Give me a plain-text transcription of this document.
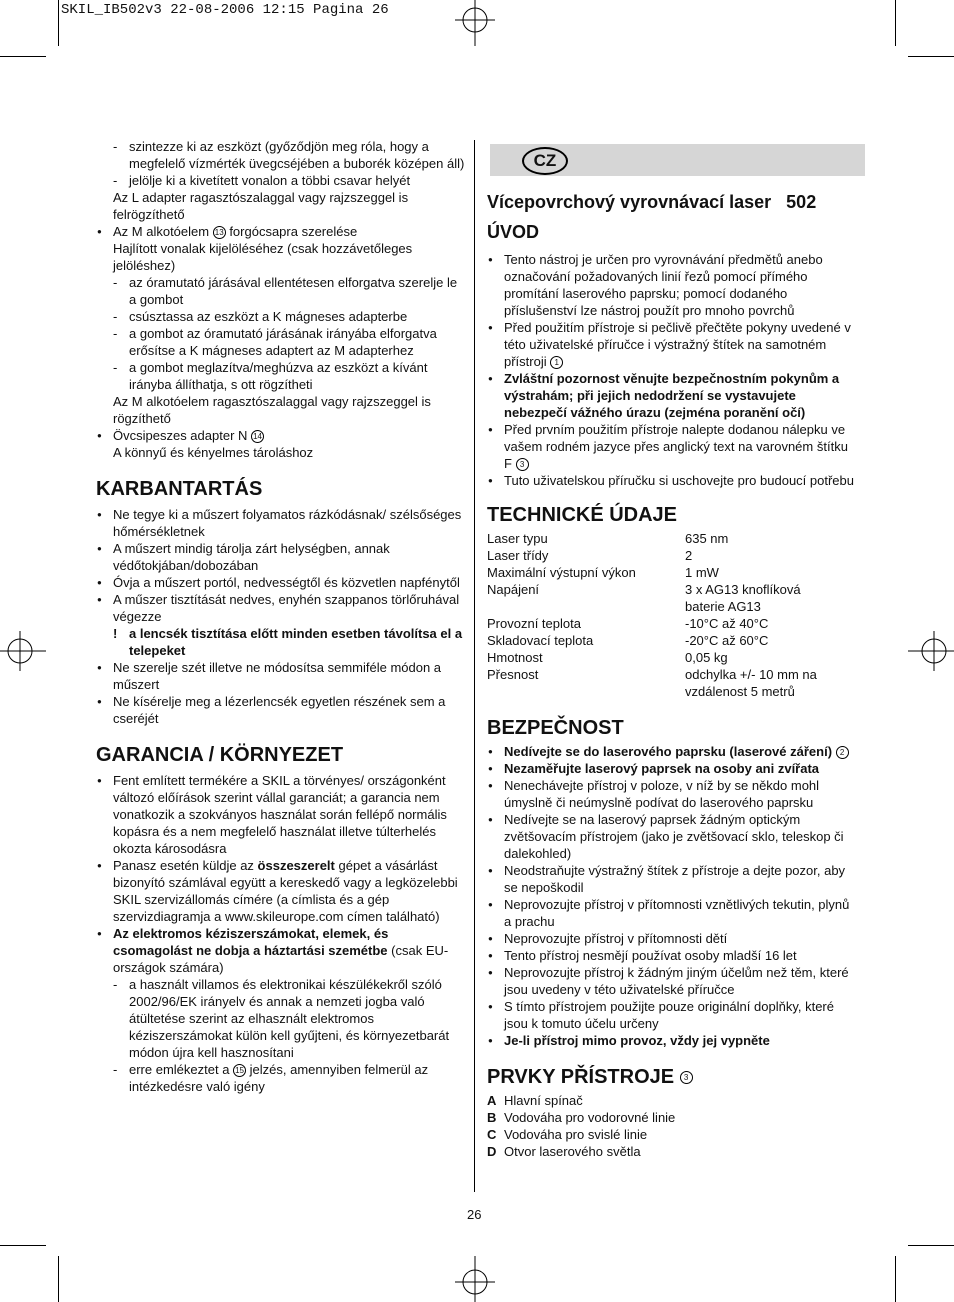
SKIL_IB502v3 22-08-2006 12:15 Pagina 26

- szintezze ki az eszközt (győződjön meg róla, hogy a megfelelő vízmérték üvegcséjében a buborék középen áll)

- jelölje ki a kivetített vonalon a többi csavar helyét

Az L adapter ragasztószalaggal vagy rajzszeggel is felrögzíthető

● Az M alkotóelem 13 forgócsapra szerelése

Hajlított vonalak kijelöléséhez (csak hozzávetőleges jelöléshez)

- az óramutató járásával ellentétesen elforgatva szerelje le a gombot

- csúsztassa az eszközt a K mágneses adapterbe

- a gombot az óramutató járásának irányába elforgatva erősítse a K mágneses adaptert az M adapterhez

- a gombot meglazítva/meghúzva az eszközt a kívánt irányba állíthatja, s ott rögzítheti

Az M alkotóelem ragasztószalaggal vagy rajzszeggel is rögzíthető

● Övcsipeszes adapter N 14

A könnyű és kényelmes tároláshoz

KARBANTARTÁS

● Ne tegye ki a műszert folyamatos rázkódásnak/ szélsőséges hőmérsékletnek

● A műszert mindig tárolja zárt helységben, annak védőtokjában/dobozában

● Óvja a műszert portól, nedvességtől és közvetlen napfénytől

● A műszer tisztítását nedves, enyhén szappanos törlőruhával végezze

! a lencsék tisztítása előtt minden esetben távolítsa el a telepeket

● Ne szerelje szét illetve ne módosítsa semmiféle módon a műszert

● Ne kísérelje meg a lézerlencsék egyetlen részének sem a cseréjét

GARANCIA / KÖRNYEZET

● Fent említett termékére a SKIL a törvényes/ országonként változó előírások szerint vállal garanciát; a garancia nem vonatkozik a szokványos használat során fellépő normális kopásra és a nem megfelelő használat illetve túlterhelés okozta károsodásra

● Panasz esetén küldje az összeszerelt gépet a vásárlást bizonyító számlával együtt a kereskedő vagy a legközelebbi SKIL szervizállomás címére (a címlista és a gép szervizdiagramja a www.skileurope.com címen található)

● Az elektromos kéziszerszámokat, elemek, és csomagolást ne dobja a háztartási szemétbe (csak EU-országok számára)

- a használt villamos és elektronikai készülékekről szóló 2002/96/EK irányelv és annak a nemzeti jogba való átültetése szerint az elhasznált elektromos kéziszerszámokat külön kell gyűjteni, és környezetbarát módon újra kell hasznosítani

- erre emlékeztet a 15 jelzés, amennyiben felmerül az intézkedésre való igény

CZ
Vícepovrchový vyrovnávací laser   502
ÚVOD

● Tento nástroj je určen pro vyrovnávání předmětů anebo označování požadovaných linií řezů pomocí přímého promítání laserového paprsku; pomocí dodaného příslušenství lze nástroj použít pro mnoho povrchů

● Před použitím přístroje si pečlivě přečtěte pokyny uvedené v této uživatelské příručce i výstražný štítek na samotném přístroji 1

● Zvláštní pozornost věnujte bezpečnostním pokynům a výstrahám; při jejich nedodržení se vystavujete nebezpečí vážného úrazu (zejména poranění očí)

● Před prvním použitím přístroje nalepte dodanou nálepku ve vašem rodném jazyce přes anglický text na varovném štítku F 3

● Tuto uživatelskou příručku si uschovejte pro budoucí potřebu

TECHNICKÉ ÚDAJE
Laser typu	635 nm
Laser třídy	2
Maximální výstupní výkon	1 mW
Napájení	3 x AG13 knoflíková baterie AG13
Provozní teplota	-10°C až 40°C
Skladovací teplota	-20°C až 60°C
Hmotnost	0,05 kg
Přesnost	odchylka +/- 10 mm na vzdálenost 5 metrů
BEZPEČNOST

● Nedívejte se do laserového paprsku (laserové záření) 2

● Nezaměřujte laserový paprsek na osoby ani zvířata

● Nenechávejte přístroj v poloze, v níž by se někdo mohl úmyslně či neúmyslně podívat do laserového paprsku

● Nedívejte se na laserový paprsek žádným optickým zvětšovacím přístrojem (jako je zvětšovací sklo, teleskop či dalekohled)

● Neodstraňujte výstražný štítek z přístroje a dejte pozor, aby se nepoškodil

● Neprovozujte přístroj v přítomnosti vznětlivých tekutin, plynů a prachu

● Neprovozujte přístroj v přítomnosti dětí

● Tento přístroj nesmějí používat osoby mladší 16 let

● Neprovozujte přístroj k žádným jiným účelům než těm, které jsou uvedeny v této uživatelské příručce

● S tímto přístrojem použijte pouze originální doplňky, které jsou k tomuto účelu určeny

● Je-li přístroj mimo provoz, vždy jej vypněte

PRVKY PŘÍSTROJE 3
A Hlavní spínač
B Vodováha pro vodorovné linie
C Vodováha pro svislé linie
D Otvor laserového světla
26
